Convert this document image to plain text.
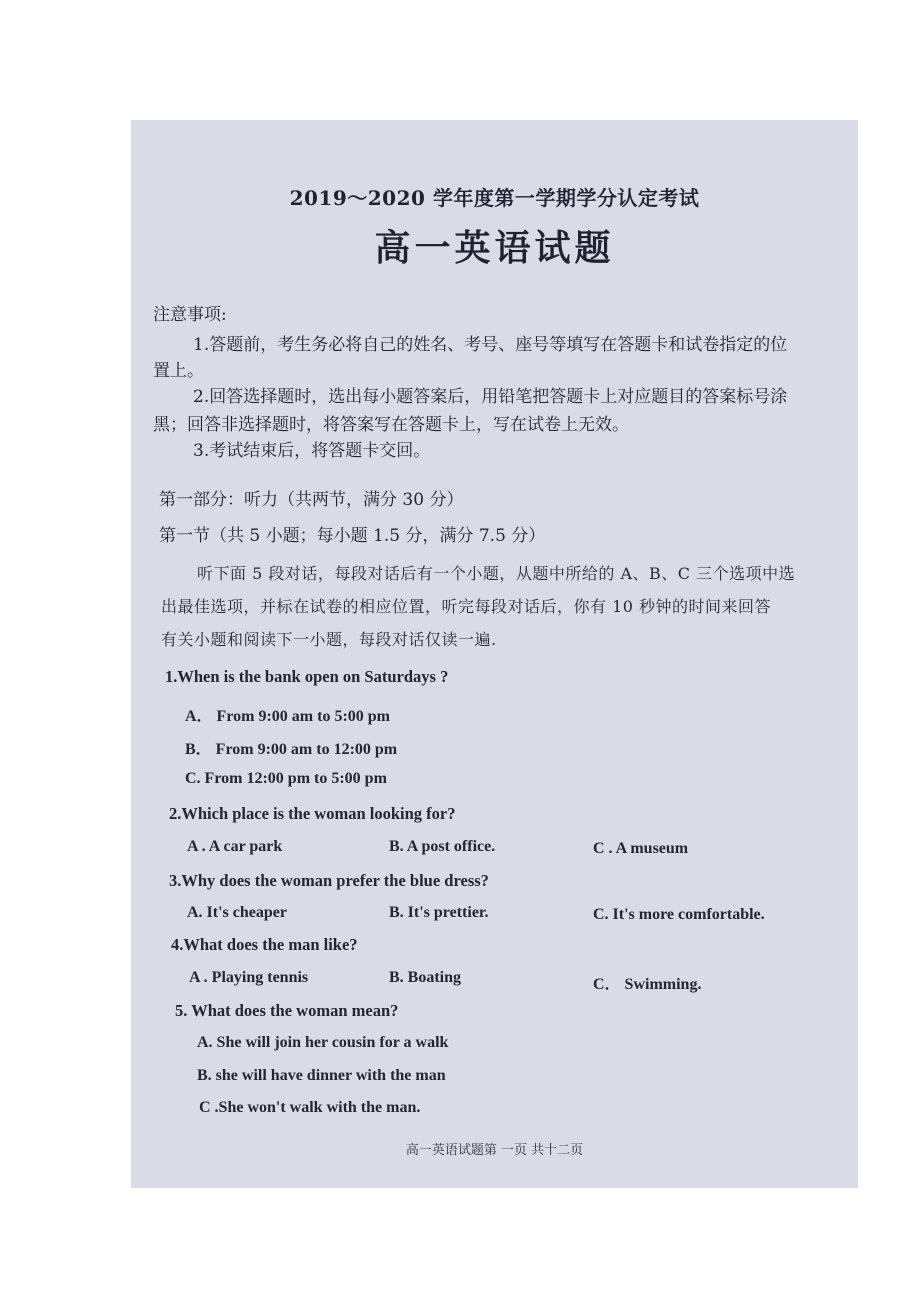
2019～2020 学年度第一学期学分认定考试
高一英语试题
注意事项:
1.答题前，考生务必将自己的姓名、考号、座号等填写在答题卡和试卷指定的位
置上。
2.回答选择题时，选出每小题答案后，用铅笔把答题卡上对应题目的答案标号涂
黑；回答非选择题时，将答案写在答题卡上，写在试卷上无效。
3.考试结束后，将答题卡交回。
第一部分：听力（共两节，满分 30 分）
第一节（共 5 小题；每小题 1.5 分，满分 7.5 分）
听下面 5 段对话，每段对话后有一个小题，从题中所给的 A、B、C 三个选项中选
出最佳选项，并标在试卷的相应位置，听完每段对话后，你有 10 秒钟的时间来回答
有关小题和阅读下一小题，每段对话仅读一遍.
1.When is the bank open on Saturdays ?
A． From 9:00 am to 5:00 pm
B． From 9:00 am to 12:00 pm
C. From 12:00 pm to 5:00 pm
2.Which place is the woman looking for?
A . A car park	B. A post office.	C . A museum
3.Why does the woman prefer the blue dress?
A. It's cheaper	B. It's prettier.	C. It's more comfortable.
4.What does the man like?
A . Playing tennis	B. Boating	C． Swimming.
5. What does the woman mean?
A. She will join her cousin for a walk
B. she will have dinner with the man
C .She won't walk with the man.
高一英语试题第 一页 共十二页
